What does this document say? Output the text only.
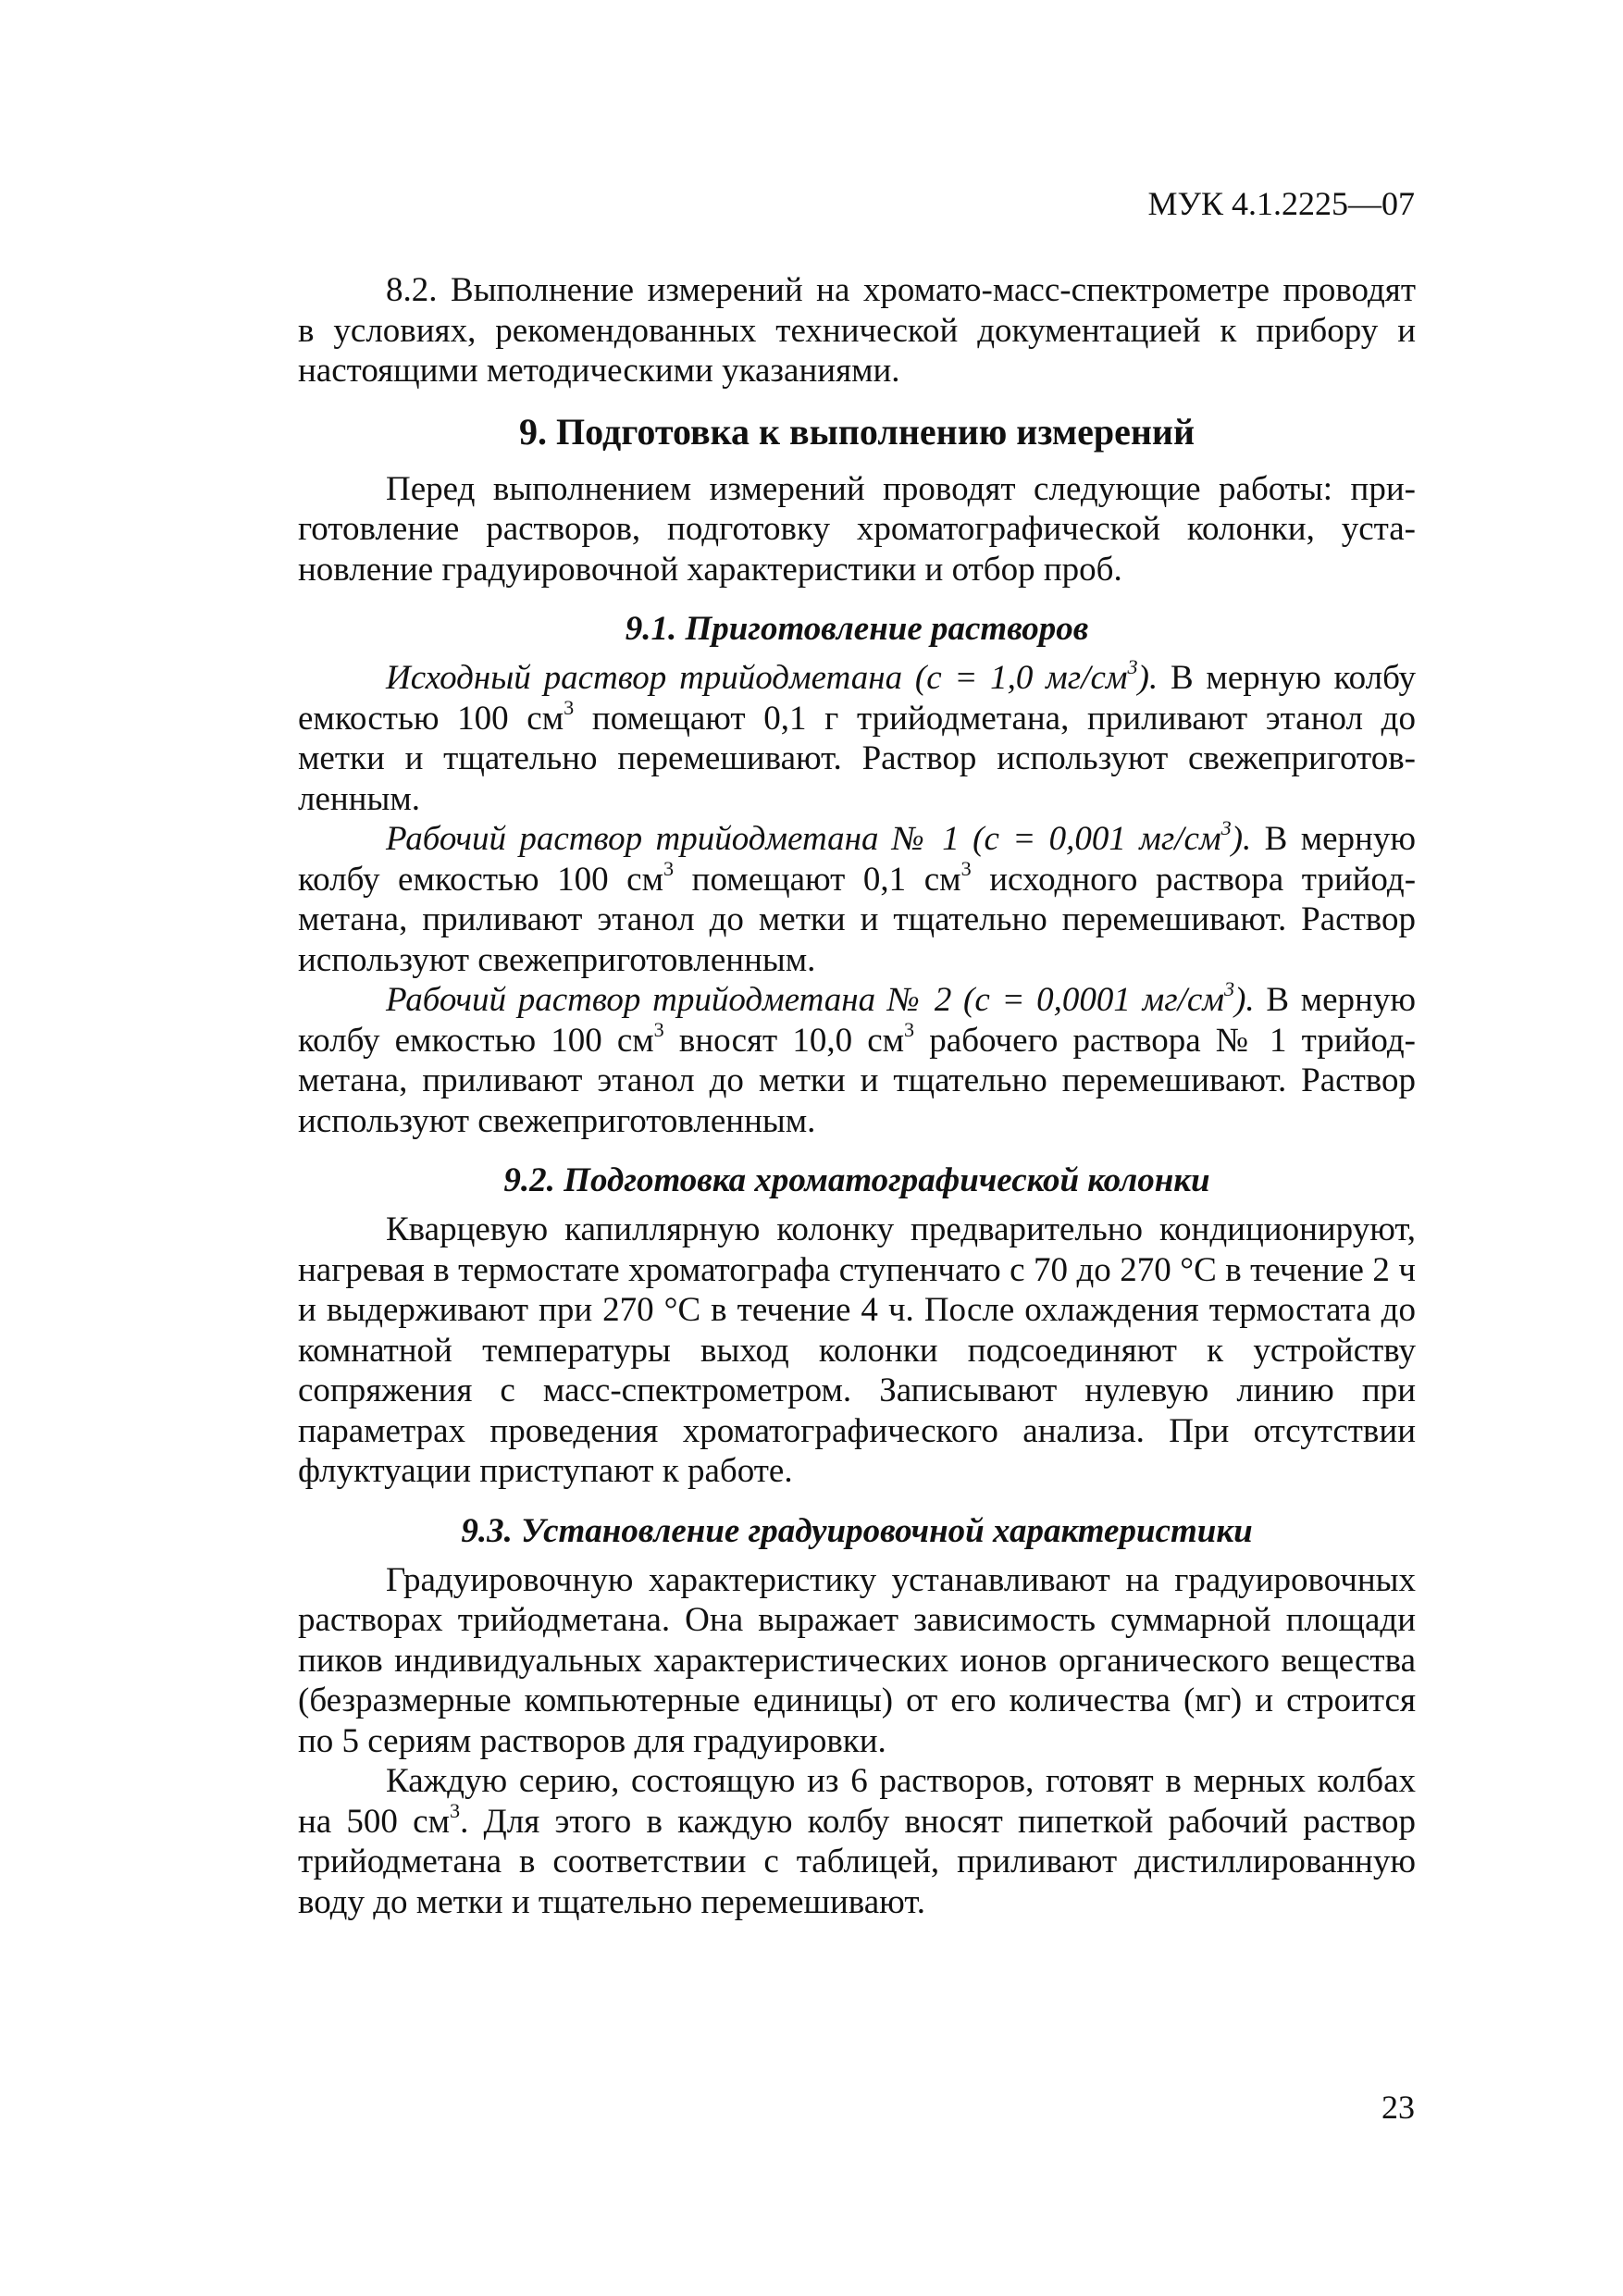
МУК 4.1.2225—07

8.2. Выполнение измерений на хромато-масс-спектрометре проводят в условиях, рекомендованных технической документацией к прибору и настоящими методическими указаниями.

9. Подготовка к выполнению измерений

Перед выполнением измерений проводят следующие работы: приготовление растворов, подготовку хроматографической колонки, установление градуировочной характеристики и отбор проб.

9.1. Приготовление растворов

Исходный раствор трийодметана (с = 1,0 $мг/см^3$). В мерную колбу емкостью 100 $см^3$ помещают 0,1 г трийодметана, приливают этанол до метки и тщательно перемешивают. Раствор используют свежеприготовленным.

Рабочий раствор трийодметана № 1 (с = 0,001 $мг/см^3$). В мерную колбу емкостью 100 $см^3$ помещают 0,1 $см^3$ исходного раствора трийодметана, приливают этанол до метки и тщательно перемешивают. Раствор используют свежеприготовленным.

Рабочий раствор трийодметана № 2 (с = 0,0001 $мг/см^3$). В мерную колбу емкостью 100 $см^3$ вносят 10,0 $см^3$ рабочего раствора № 1 трийодметана, приливают этанол до метки и тщательно перемешивают. Раствор используют свежеприготовленным.

9.2. Подготовка хроматографической колонки

Кварцевую капиллярную колонку предварительно кондиционируют, нагревая в термостате хроматографа ступенчато с 70 до 270 °С в течение 2 ч и выдерживают при 270 °С в течение 4 ч. После охлаждения термостата до комнатной температуры выход колонки подсоединяют к устройству сопряжения с масс-спектрометром. Записывают нулевую линию при параметрах проведения хроматографического анализа. При отсутствии флуктуации приступают к работе.

9.3. Установление градуировочной характеристики

Градуировочную характеристику устанавливают на градуировочных растворах трийодметана. Она выражает зависимость суммарной площади пиков индивидуальных характеристических ионов органического вещества (безразмерные компьютерные единицы) от его количества (мг) и строится по 5 сериям растворов для градуировки.

Каждую серию, состоящую из 6 растворов, готовят в мерных колбах на 500 $см^3$. Для этого в каждую колбу вносят пипеткой рабочий раствор трийодметана в соответствии с таблицей, приливают дистиллированную воду до метки и тщательно перемешивают.

23
